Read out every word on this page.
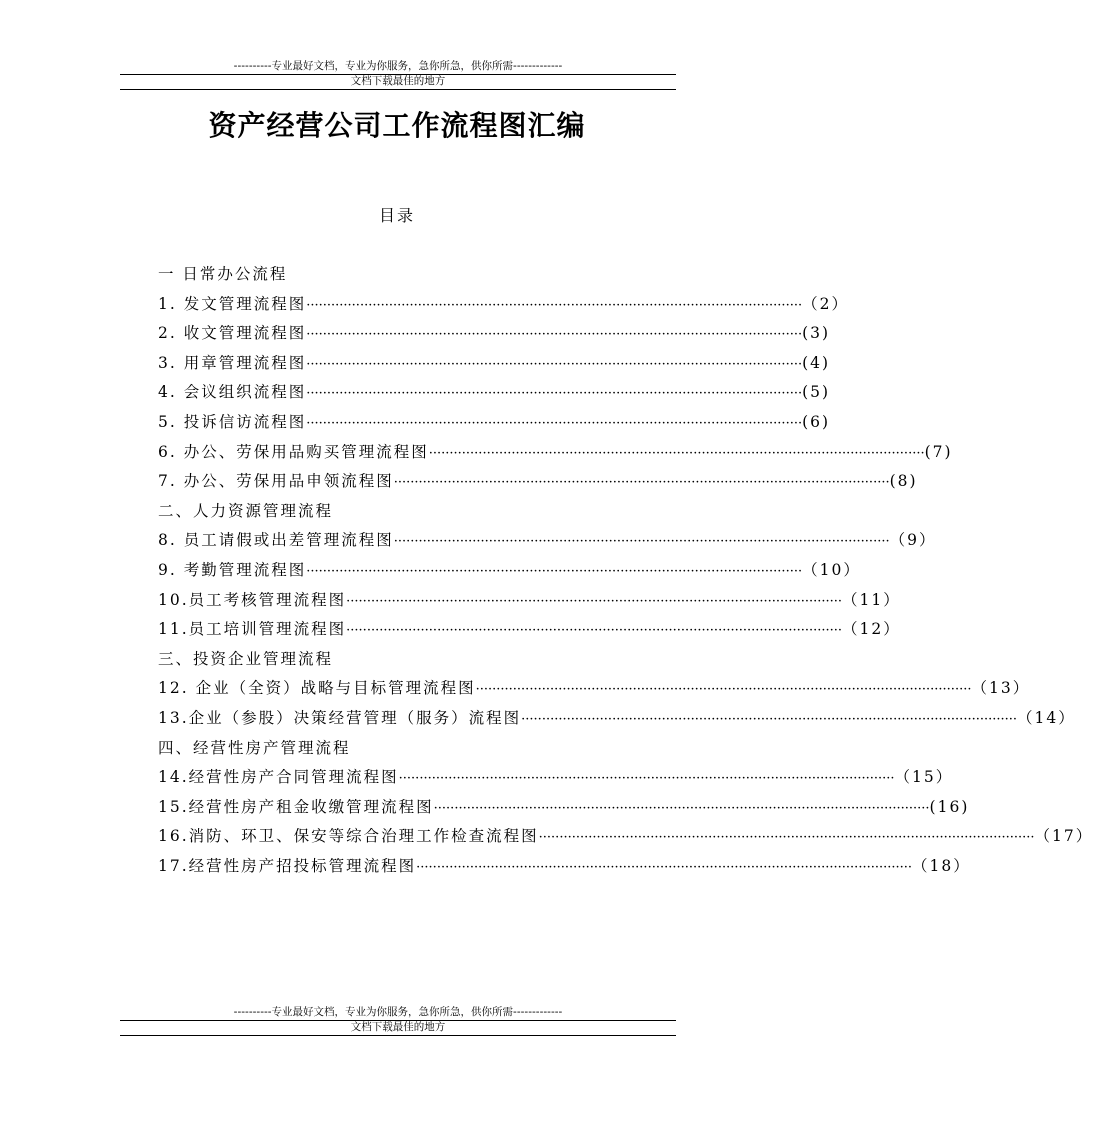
----------专业最好文档，专业为你服务，急你所急，供你所需-------------
文档下载最佳的地方
资产经营公司工作流程图汇编
目录
一 日常办公流程
1. 发文管理流程图 ························································································································ （2）
2. 收文管理流程图 ························································································································ (3)
3. 用章管理流程图 ························································································································ (4)
4. 会议组织流程图 ························································································································ (5)
5. 投诉信访流程图 ························································································································ (6)
6. 办公、劳保用品购买管理流程图 ························································································································ (7)
7. 办公、劳保用品申领流程图 ························································································································ (8)
二、人力资源管理流程
8. 员工请假或出差管理流程图 ························································································································ （9）
9. 考勤管理流程图 ························································································································ （10）
10.员工考核管理流程图 ························································································································ （11）
11.员工培训管理流程图 ························································································································ （12）
三、投资企业管理流程
12. 企业（全资）战略与目标管理流程图 ························································································································ （13）
13.企业（参股）决策经营管理（服务）流程图 ························································································································ （14）
四、经营性房产管理流程
14.经营性房产合同管理流程图 ························································································································ （15）
15.经营性房产租金收缴管理流程图 ························································································································ (16)
16.消防、环卫、保安等综合治理工作检查流程图 ························································································································ （17）
17.经营性房产招投标管理流程图 ························································································································ （18）
----------专业最好文档，专业为你服务，急你所急，供你所需-------------
文档下载最佳的地方
